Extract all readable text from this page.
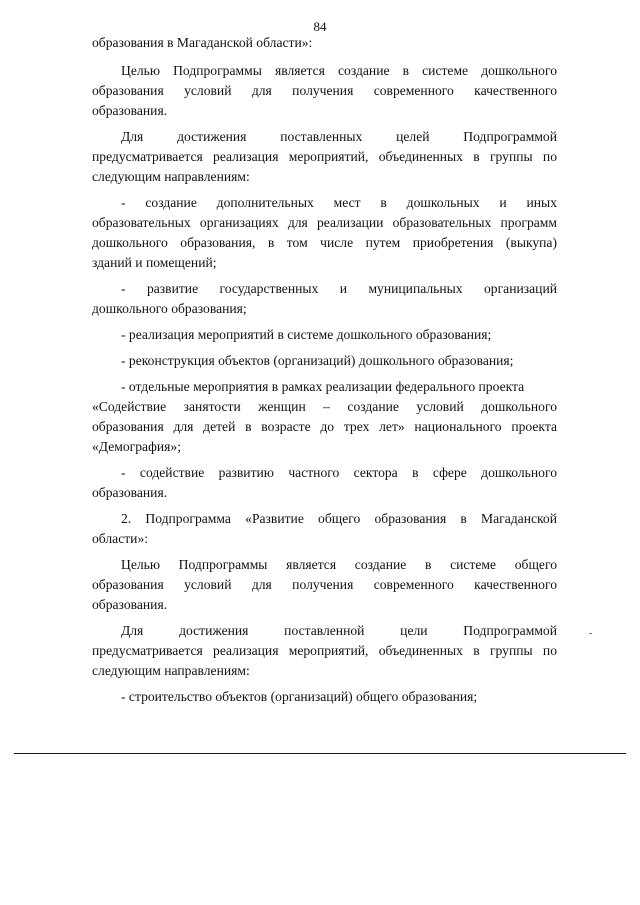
84
образования в Магаданской области»:
Целью Подпрограммы является создание в системе дошкольного
образования условий для получения современного качественного
образования.
Для достижения поставленных целей Подпрограммой
предусматривается реализация мероприятий, объединенных в группы по
следующим направлениям:
- создание дополнительных мест в дошкольных и иных
образовательных организациях для реализации образовательных программ
дошкольного образования, в том числе путем приобретения (выкупа)
зданий и помещений;
- развитие государственных и муниципальных организаций
дошкольного образования;
- реализация мероприятий в системе дошкольного образования;
- реконструкция объектов (организаций) дошкольного образования;
- отдельные мероприятия в рамках реализации федерального проекта
«Содействие занятости женщин – создание условий дошкольного
образования для детей в возрасте до трех лет» национального проекта
«Демография»;
- содействие развитию частного сектора в сфере дошкольного
образования.
2. Подпрограмма «Развитие общего образования в Магаданской
области»:
Целью Подпрограммы является создание в системе общего
образования условий для получения современного качественного
образования.
Для достижения поставленной цели Подпрограммой
предусматривается реализация мероприятий, объединенных в группы по
следующим направлениям:
- строительство объектов (организаций) общего образования;
